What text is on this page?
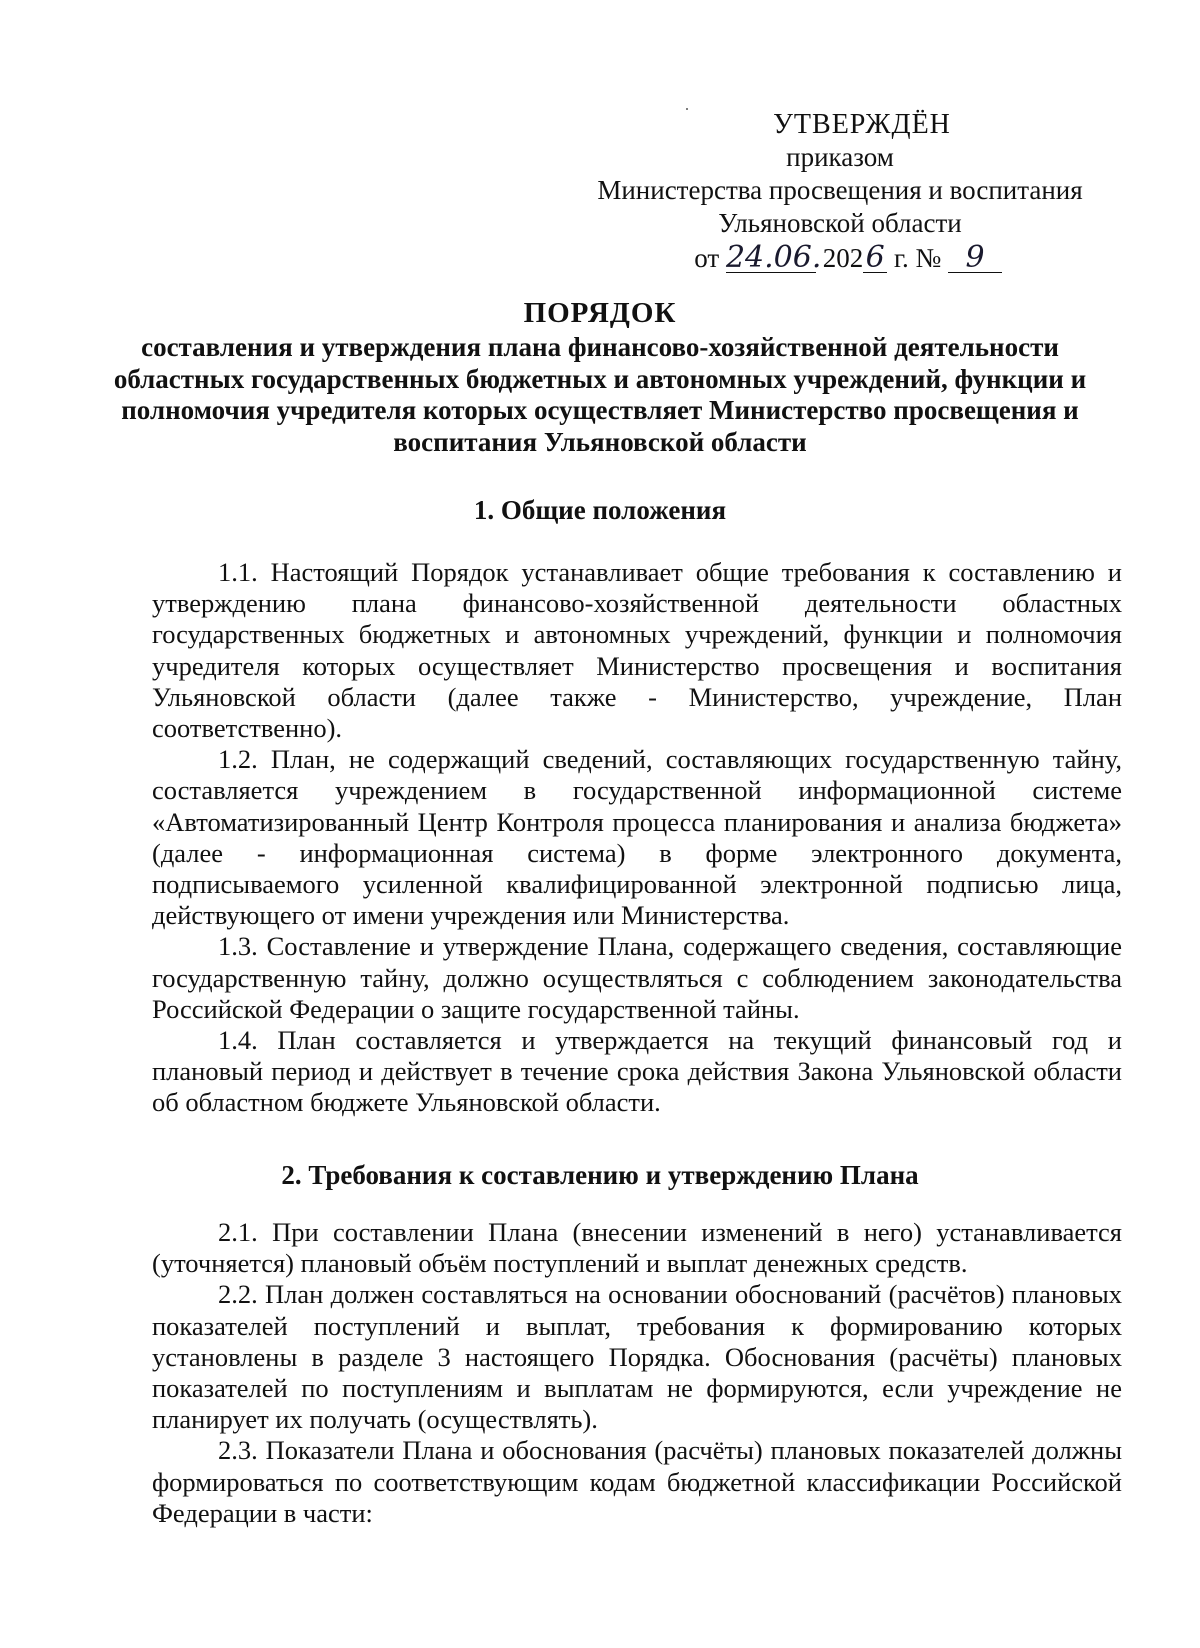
УТВЕРЖДЁН
приказом
Министерства просвещения и воспитания
Ульяновской области
от 24.06. 2026 г. № 9
ПОРЯДОК
составления и утверждения плана финансово-хозяйственной деятельности областных государственных бюджетных и автономных учреждений, функции и полномочия учредителя которых осуществляет Министерство просвещения и воспитания Ульяновской области
1. Общие положения

1.1. Настоящий Порядок устанавливает общие требования к составлению и утверждению плана финансово-хозяйственной деятельности областных государственных бюджетных и автономных учреждений, функции и полномочия учредителя которых осуществляет Министерство просвещения и воспитания Ульяновской области (далее также - Министерство, учреждение, План соответственно).

1.2. План, не содержащий сведений, составляющих государственную тайну, составляется учреждением в государственной информационной системе «Автоматизированный Центр Контроля процесса планирования и анализа бюджета» (далее - информационная система) в форме электронного документа, подписываемого усиленной квалифицированной электронной подписью лица, действующего от имени учреждения или Министерства.

1.3. Составление и утверждение Плана, содержащего сведения, составляющие государственную тайну, должно осуществляться с соблюдением законодательства Российской Федерации о защите государственной тайны.

1.4. План составляется и утверждается на текущий финансовый год и плановый период и действует в течение срока действия Закона Ульяновской области об областном бюджете Ульяновской области.

2. Требования к составлению и утверждению Плана

2.1. При составлении Плана (внесении изменений в него) устанавливается (уточняется) плановый объём поступлений и выплат денежных средств.

2.2. План должен составляться на основании обоснований (расчётов) плановых показателей поступлений и выплат, требования к формированию которых установлены в разделе 3 настоящего Порядка. Обоснования (расчёты) плановых показателей по поступлениям и выплатам не формируются, если учреждение не планирует их получать (осуществлять).

2.3. Показатели Плана и обоснования (расчёты) плановых показателей должны формироваться по соответствующим кодам бюджетной классификации Российской Федерации в части:
